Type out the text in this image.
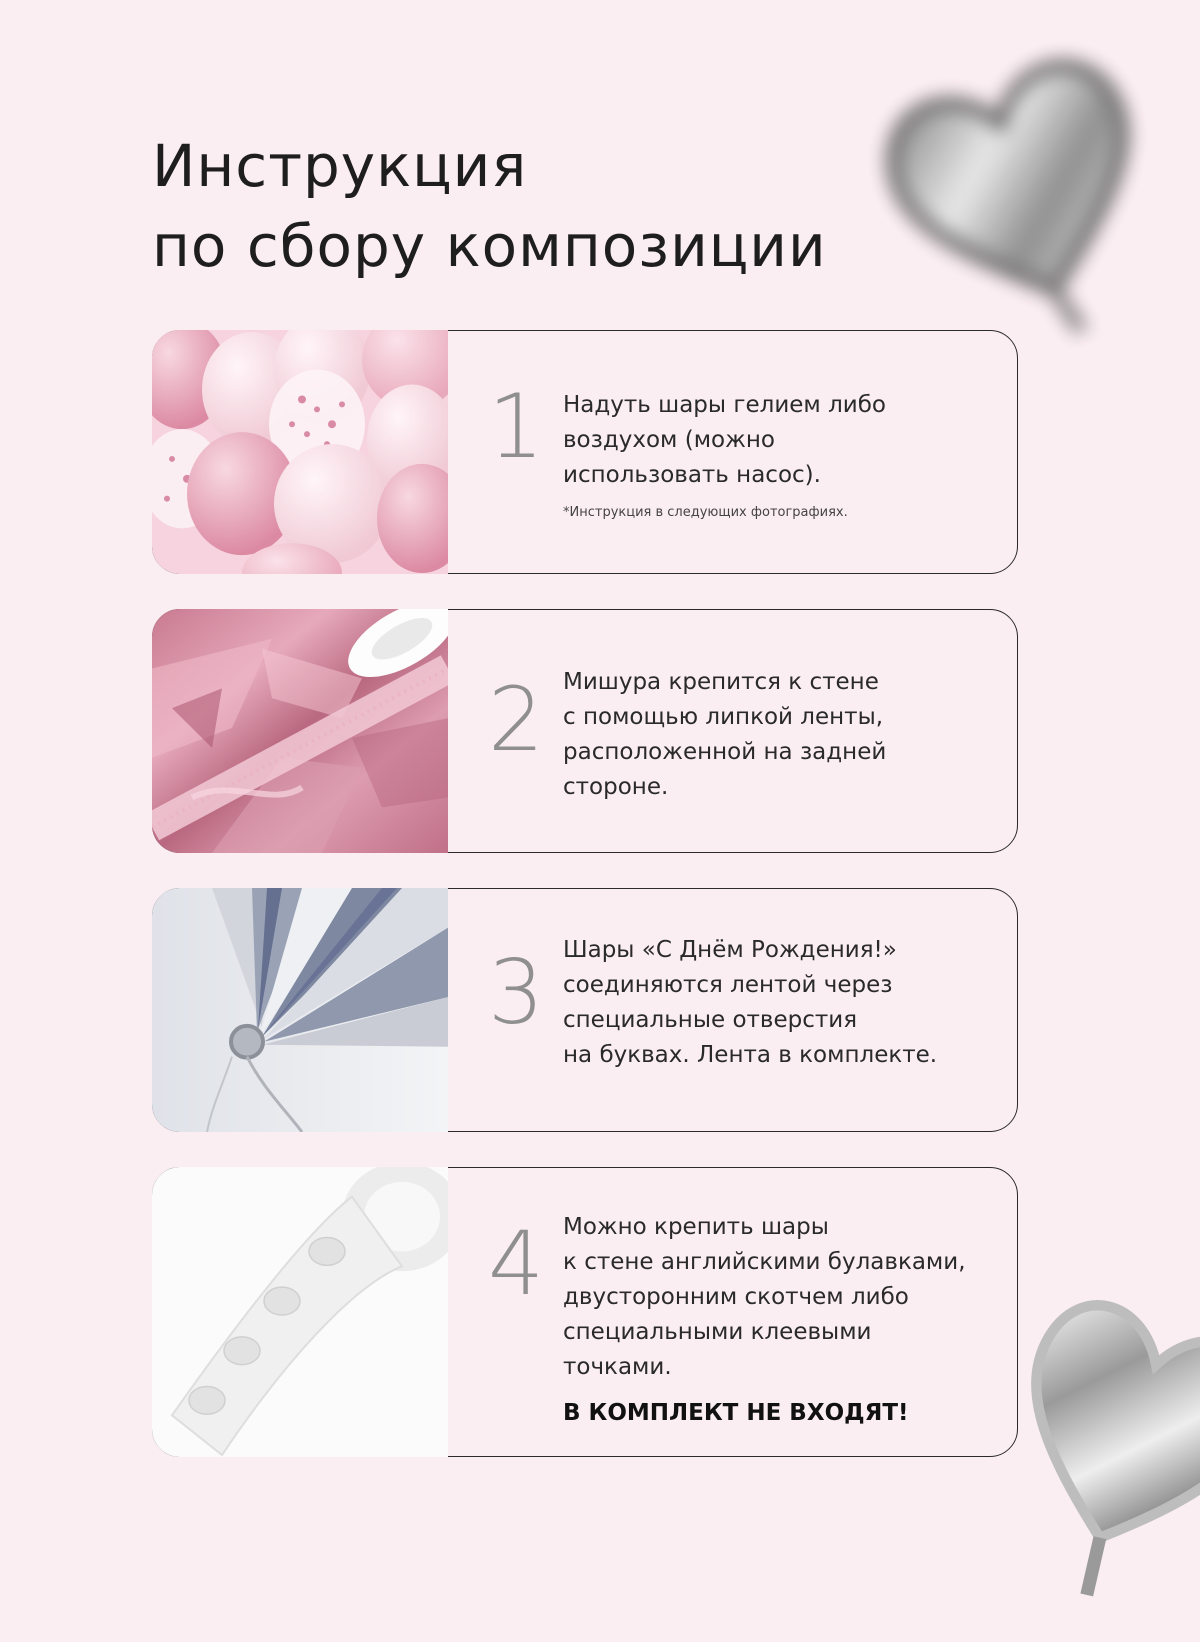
Инструкция
по сбору композиции
1 Надуть шары гелием либо
воздухом (можно
использовать насос).

*Инструкция в следующих фотографиях.

2 Мишура крепится к стене
с помощью липкой ленты,
расположенной на задней
стороне.

3 Шары «С Днём Рождения!»
соединяются лентой через
специальные отверстия
на буквах. Лента в комплекте.

4 Можно крепить шары
к стене английскими булавками,
двусторонним скотчем либо
специальными клеевыми
точками.

В КОМПЛЕКТ НЕ ВХОДЯТ!
